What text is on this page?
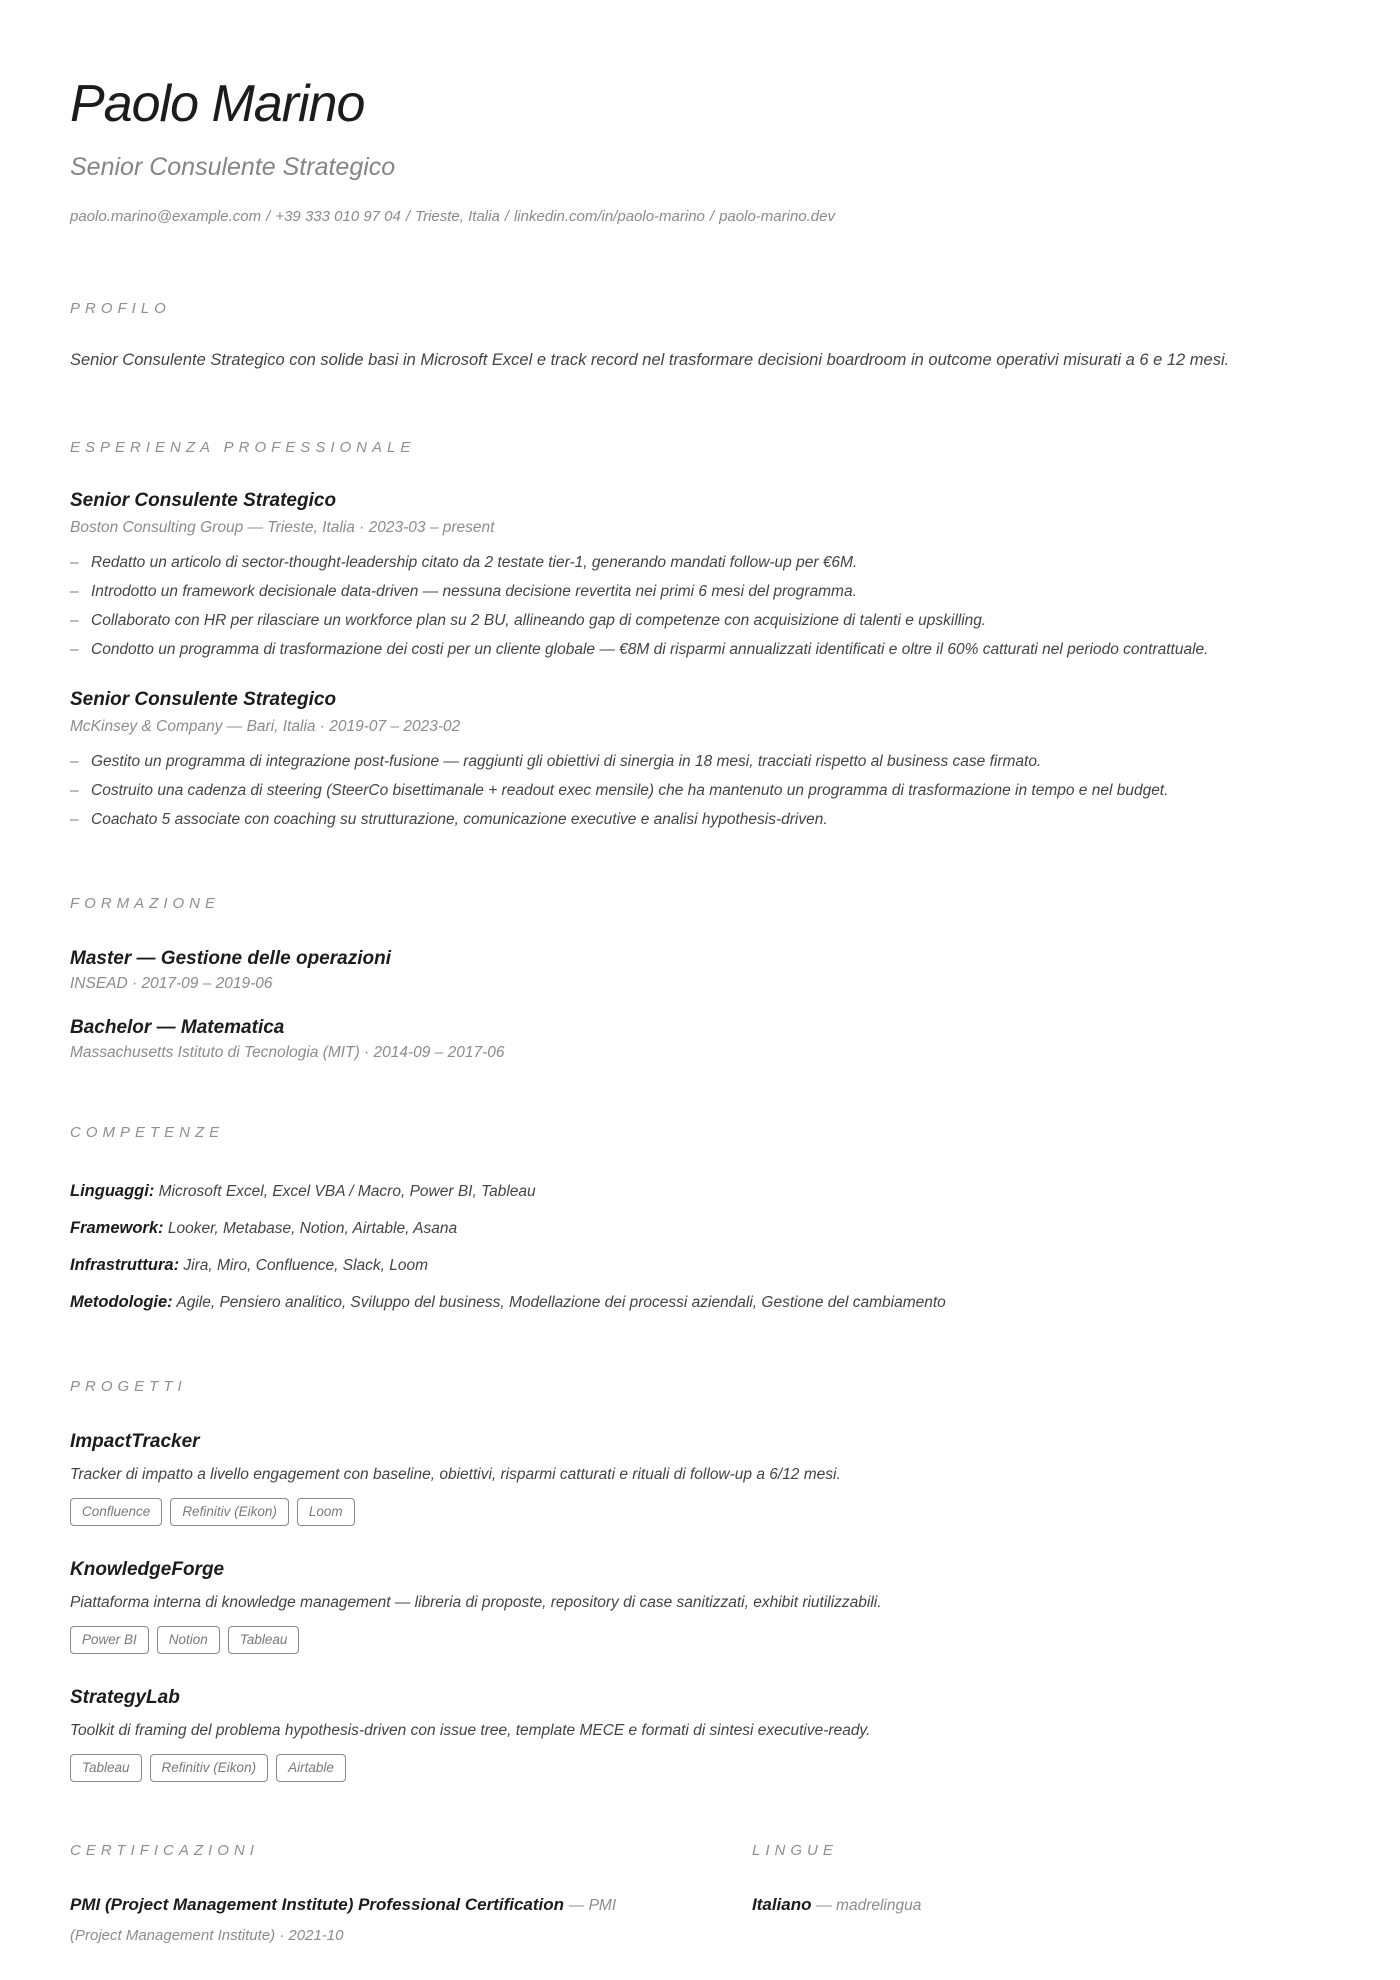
Paolo Marino
Senior Consulente Strategico
paolo.marino@example.com / +39 333 010 97 04 / Trieste, Italia / linkedin.com/in/paolo-marino / paolo-marino.dev
PROFILO
Senior Consulente Strategico con solide basi in Microsoft Excel e track record nel trasformare decisioni boardroom in outcome operativi misurati a 6 e 12 mesi.
ESPERIENZA PROFESSIONALE
Senior Consulente Strategico
Boston Consulting Group — Trieste, Italia · 2023-03 – present
– Redatto un articolo di sector-thought-leadership citato da 2 testate tier-1, generando mandati follow-up per €6M.
– Introdotto un framework decisionale data-driven — nessuna decisione revertita nei primi 6 mesi del programma.
– Collaborato con HR per rilasciare un workforce plan su 2 BU, allineando gap di competenze con acquisizione di talenti e upskilling.
– Condotto un programma di trasformazione dei costi per un cliente globale — €8M di risparmi annualizzati identificati e oltre il 60% catturati nel periodo contrattuale.
Senior Consulente Strategico
McKinsey & Company — Bari, Italia · 2019-07 – 2023-02
– Gestito un programma di integrazione post-fusione — raggiunti gli obiettivi di sinergia in 18 mesi, tracciati rispetto al business case firmato.
– Costruito una cadenza di steering (SteerCo bisettimanale + readout exec mensile) che ha mantenuto un programma di trasformazione in tempo e nel budget.
– Coachato 5 associate con coaching su strutturazione, comunicazione executive e analisi hypothesis-driven.
FORMAZIONE
Master — Gestione delle operazioni
INSEAD · 2017-09 – 2019-06
Bachelor — Matematica
Massachusetts Istituto di Tecnologia (MIT) · 2014-09 – 2017-06
COMPETENZE
Linguaggi: Microsoft Excel, Excel VBA / Macro, Power BI, Tableau
Framework: Looker, Metabase, Notion, Airtable, Asana
Infrastruttura: Jira, Miro, Confluence, Slack, Loom
Metodologie: Agile, Pensiero analitico, Sviluppo del business, Modellazione dei processi aziendali, Gestione del cambiamento
PROGETTI
ImpactTracker
Tracker di impatto a livello engagement con baseline, obiettivi, risparmi catturati e rituali di follow-up a 6/12 mesi.
Confluence	Refinitiv (Eikon)	Loom
KnowledgeForge
Piattaforma interna di knowledge management — libreria di proposte, repository di case sanitizzati, exhibit riutilizzabili.
Power BI	Notion	Tableau
StrategyLab
Toolkit di framing del problema hypothesis-driven con issue tree, template MECE e formati di sintesi executive-ready.
Tableau	Refinitiv (Eikon)	Airtable
CERTIFICAZIONI
PMI (Project Management Institute) Professional Certification — PMI
(Project Management Institute) · 2021-10
LINGUE
Italiano — madrelingua
